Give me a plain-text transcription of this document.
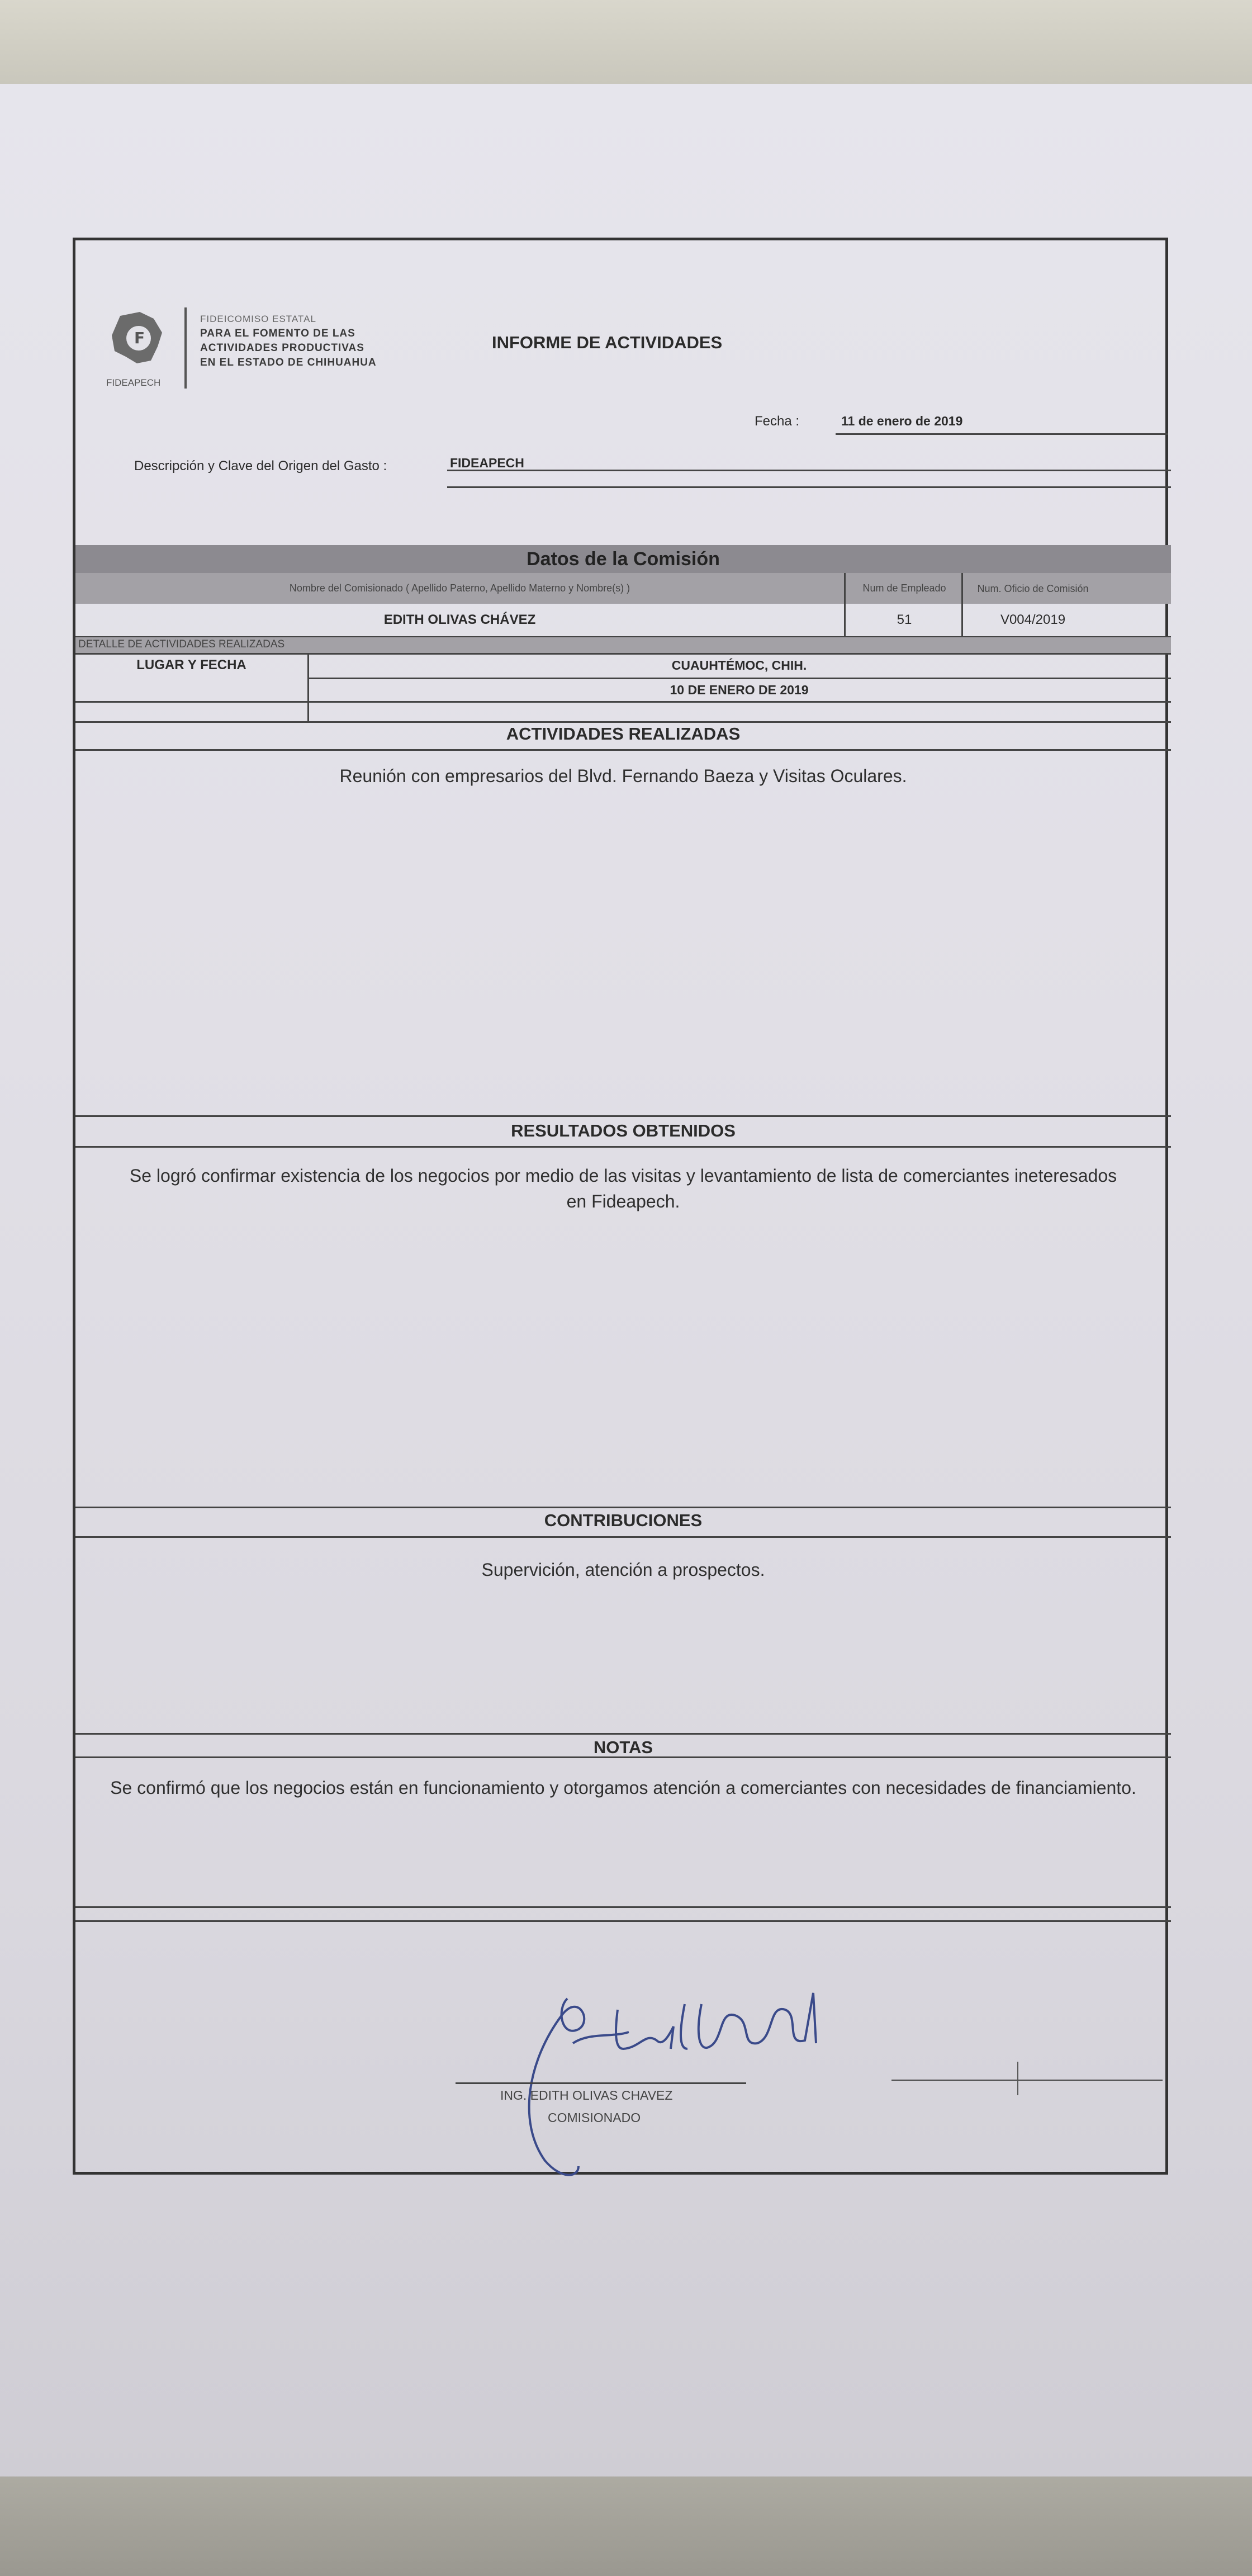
F
FIDEAPECH
FIDEICOMISO ESTATAL
PARA EL FOMENTO DE LAS
ACTIVIDADES PRODUCTIVAS
EN EL ESTADO DE CHIHUAHUA
INFORME DE ACTIVIDADES
Fecha :	11 de enero de 2019
Descripción y Clave del Origen del Gasto :	FIDEAPECH
Datos de la Comisión
Nombre del Comisionado ( Apellido Paterno, Apellido Materno y Nombre(s) )	Num de Empleado	Num. Oficio de Comisión
EDITH OLIVAS CHÁVEZ	51	V004/2019
DETALLE DE ACTIVIDADES REALIZADAS
LUGAR Y FECHA	CUAUHTÉMOC, CHIH.
10 DE ENERO DE 2019
ACTIVIDADES REALIZADAS
Reunión con empresarios del Blvd. Fernando Baeza y Visitas Oculares.
RESULTADOS OBTENIDOS
Se logró confirmar existencia de los negocios por medio de las visitas y levantamiento de lista de comerciantes ineteresados en Fideapech.
CONTRIBUCIONES
Supervición, atención a prospectos.
NOTAS
Se confirmó que los negocios están en funcionamiento y otorgamos atención a comerciantes con necesidades de financiamiento.
ING. EDITH OLIVAS CHAVEZ
COMISIONADO
